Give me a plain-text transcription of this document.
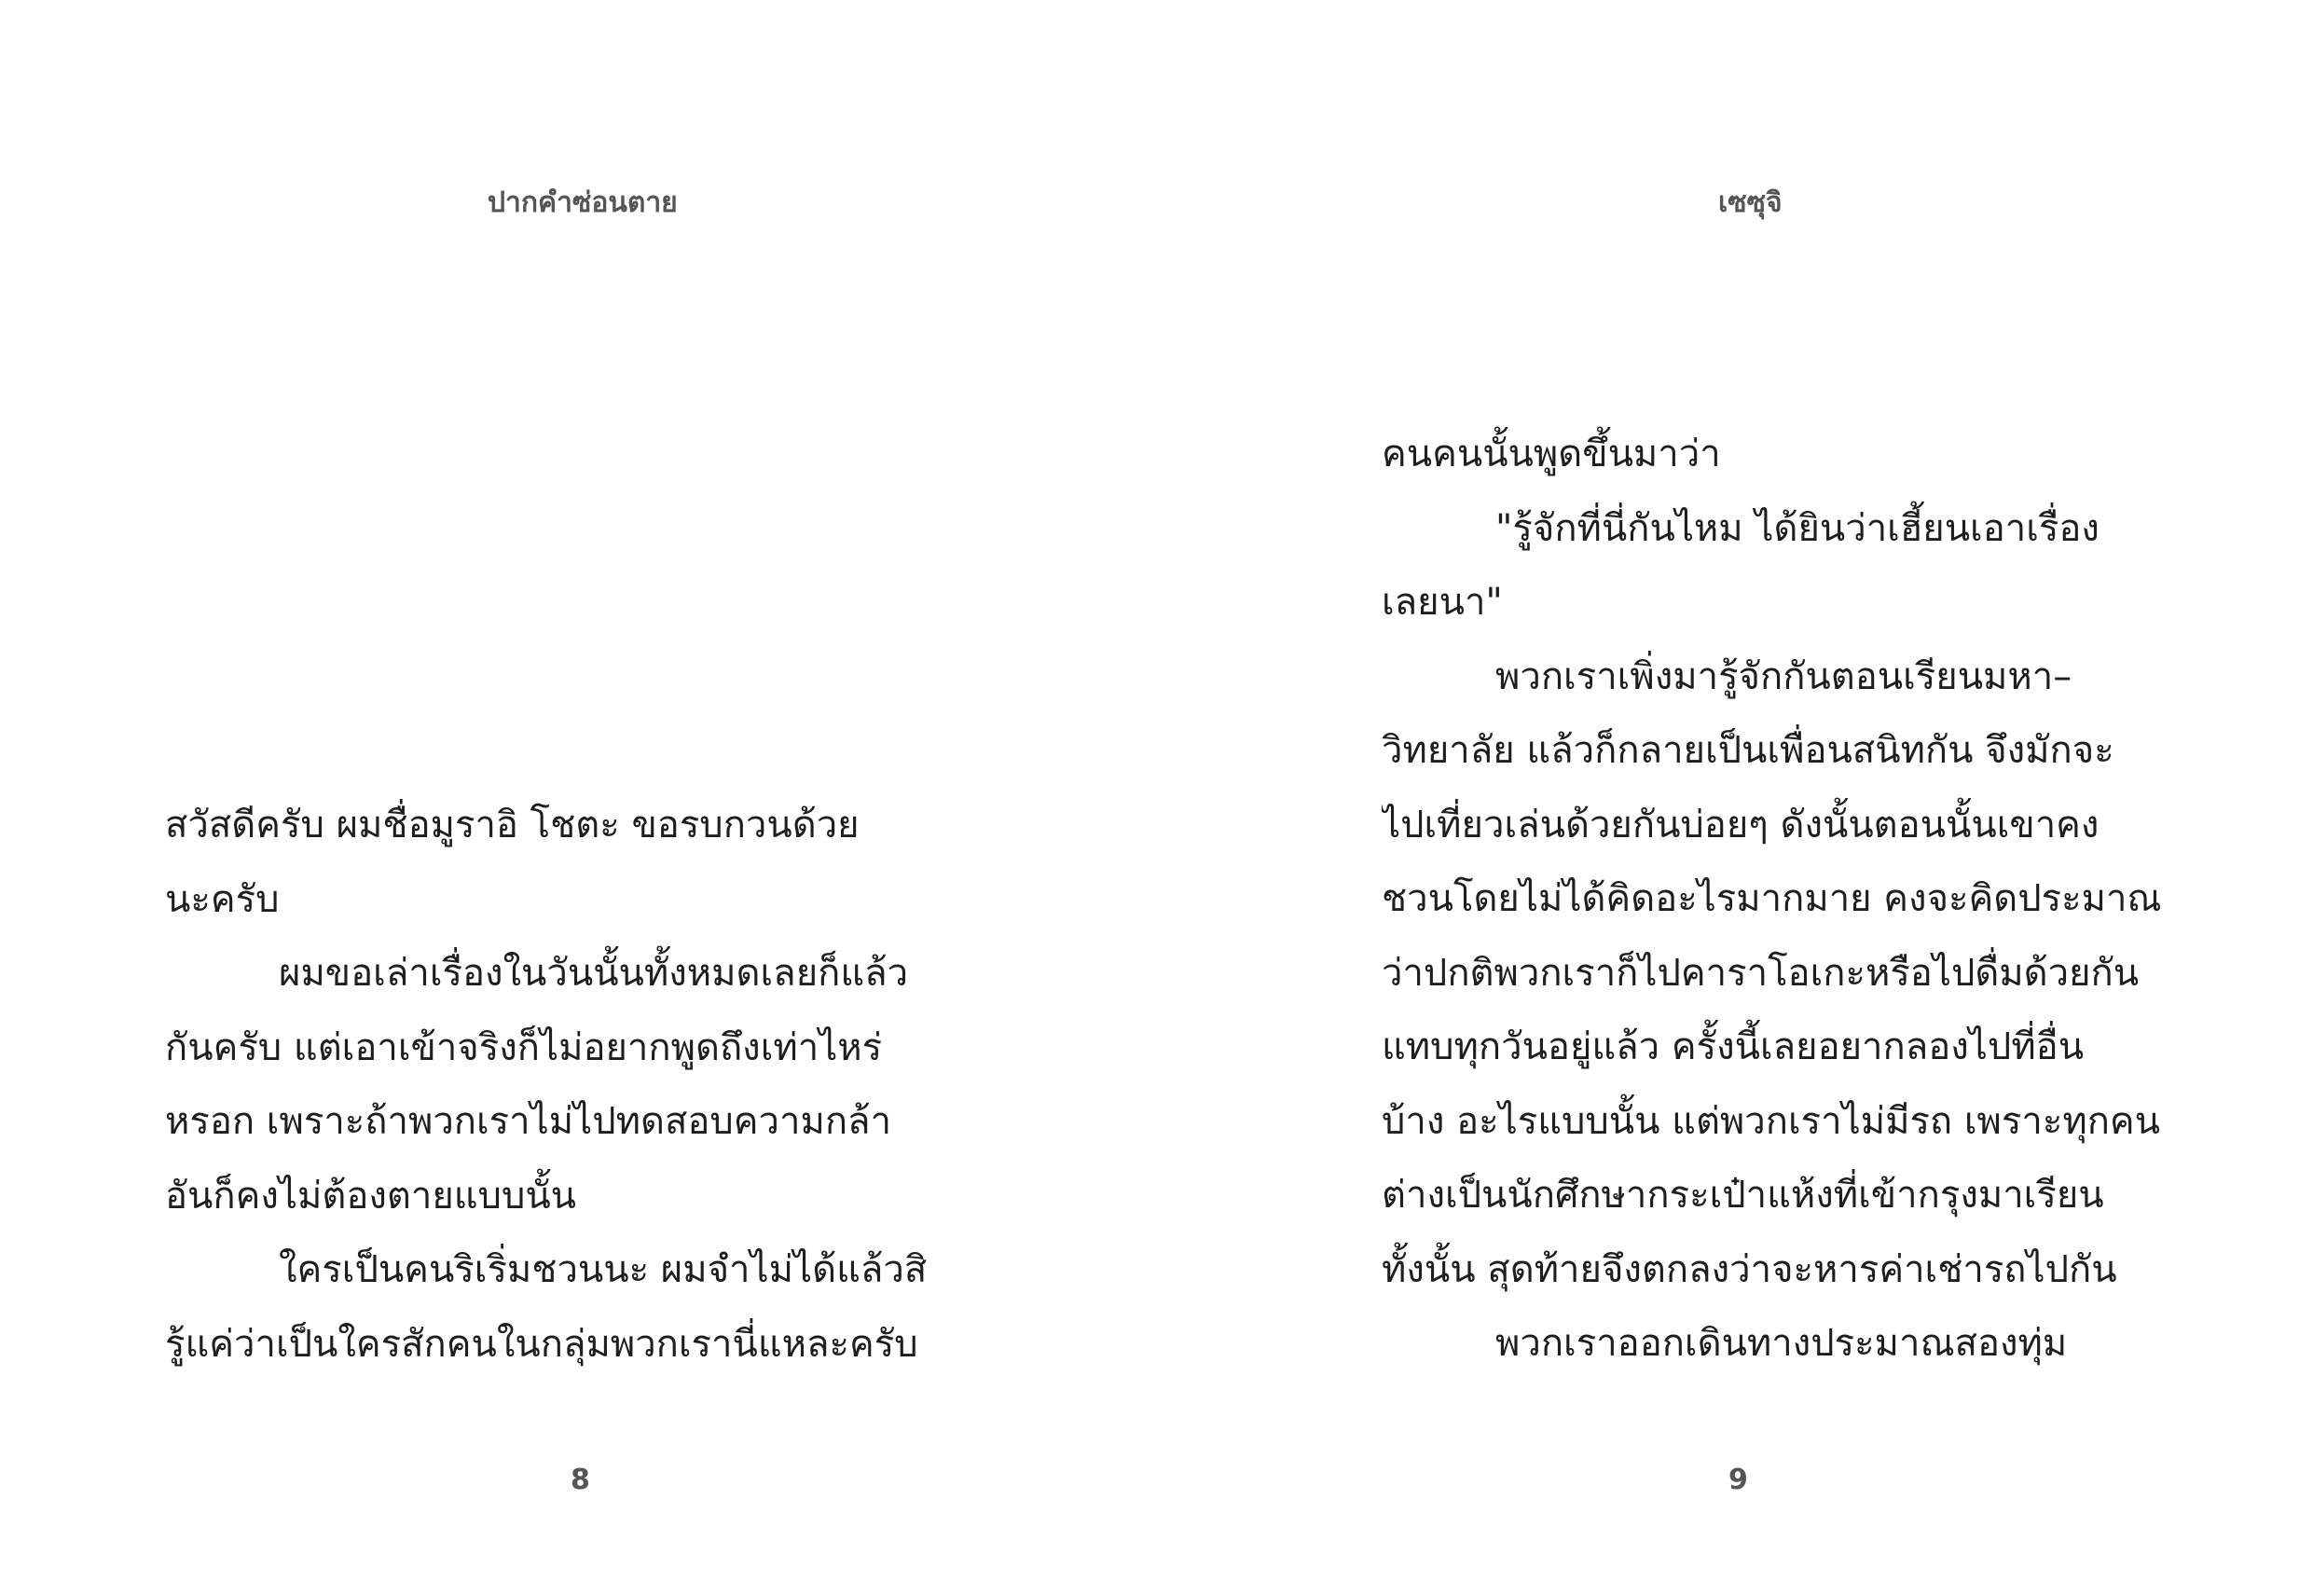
ปากคำซ่อนตาย
สวัสดีครับ ผมชื่อมูราอิ โชตะ ขอรบกวนด้วย
นะครับ
ผมขอเล่าเรื่องในวันนั้นทั้งหมดเลยก็แล้ว
กันครับ แต่เอาเข้าจริงก็ไม่อยากพูดถึงเท่าไหร่
หรอก เพราะถ้าพวกเราไม่ไปทดสอบความกล้า
อันก็คงไม่ต้องตายแบบนั้น
ใครเป็นคนริเริ่มชวนนะ ผมจำไม่ได้แล้วสิ
รู้แค่ว่าเป็นใครสักคนในกลุ่มพวกเรานี่แหละครับ
8
เซซุจิ
คนคนนั้นพูดขึ้นมาว่า
"รู้จักที่นี่กันไหม ได้ยินว่าเฮี้ยนเอาเรื่อง
เลยนา"
พวกเราเพิ่งมารู้จักกันตอนเรียนมหา–
วิทยาลัย แล้วก็กลายเป็นเพื่อนสนิทกัน จึงมักจะ
ไปเที่ยวเล่นด้วยกันบ่อยๆ ดังนั้นตอนนั้นเขาคง
ชวนโดยไม่ได้คิดอะไรมากมาย คงจะคิดประมาณ
ว่าปกติพวกเราก็ไปคาราโอเกะหรือไปดื่มด้วยกัน
แทบทุกวันอยู่แล้ว ครั้งนี้เลยอยากลองไปที่อื่น
บ้าง อะไรแบบนั้น แต่พวกเราไม่มีรถ เพราะทุกคน
ต่างเป็นนักศึกษากระเป๋าแห้งที่เข้ากรุงมาเรียน
ทั้งนั้น สุดท้ายจึงตกลงว่าจะหารค่าเช่ารถไปกัน
พวกเราออกเดินทางประมาณสองทุ่ม
9
